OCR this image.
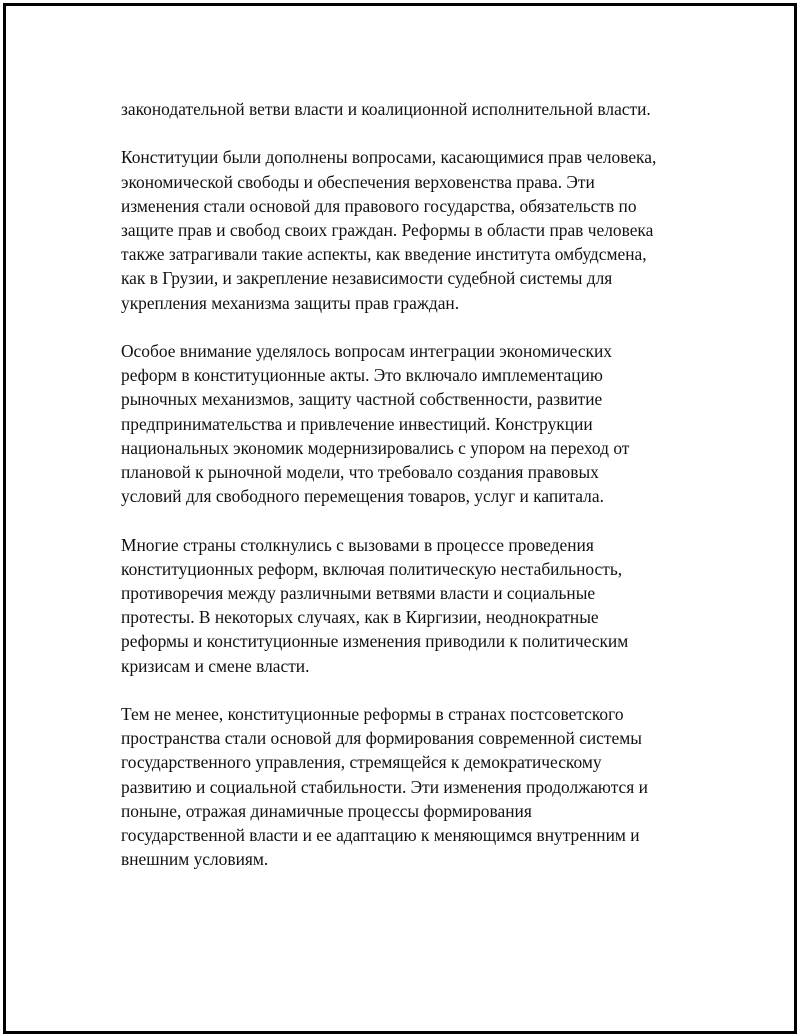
законодательной ветви власти и коалиционной исполнительной власти.

Конституции были дополнены вопросами, касающимися прав человека,
экономической свободы и обеспечения верховенства права. Эти
изменения стали основой для правового государства, обязательств по
защите прав и свобод своих граждан. Реформы в области прав человека
также затрагивали такие аспекты, как введение института омбудсмена,
как в Грузии, и закрепление независимости судебной системы для
укрепления механизма защиты прав граждан.

Особое внимание уделялось вопросам интеграции экономических
реформ в конституционные акты. Это включало имплементацию
рыночных механизмов, защиту частной собственности, развитие
предпринимательства и привлечение инвестиций. Конструкции
национальных экономик модернизировались с упором на переход от
плановой к рыночной модели, что требовало создания правовых
условий для свободного перемещения товаров, услуг и капитала.

Многие страны столкнулись с вызовами в процессе проведения
конституционных реформ, включая политическую нестабильность,
противоречия между различными ветвями власти и социальные
протесты. В некоторых случаях, как в Киргизии, неоднократные
реформы и конституционные изменения приводили к политическим
кризисам и смене власти.

Тем не менее, конституционные реформы в странах постсоветского
пространства стали основой для формирования современной системы
государственного управления, стремящейся к демократическому
развитию и социальной стабильности. Эти изменения продолжаются и
поныне, отражая динамичные процессы формирования
государственной власти и ее адаптацию к меняющимся внутренним и
внешним условиям.
